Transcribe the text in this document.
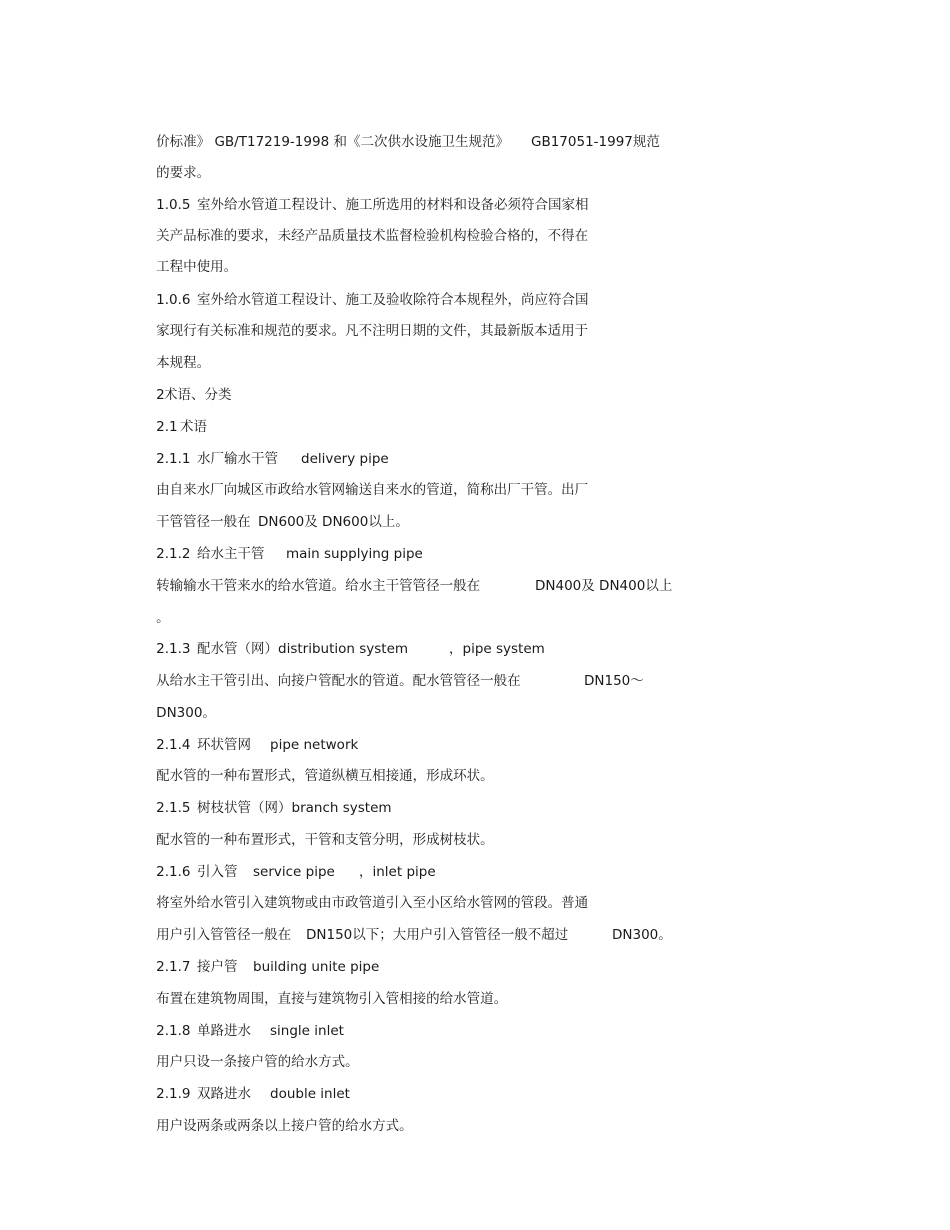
价标准》 GB/T17219-1998 和《二次供水设施卫生规范》 GB17051-1997规范

的要求。

1.0.5 室外给水管道工程设计、施工所选用的材料和设备必须符合国家相

关产品标准的要求，未经产品质量技术监督检验机构检验合格的，不得在

工程中使用。

1.0.6 室外给水管道工程设计、施工及验收除符合本规程外，尚应符合国

家现行有关标准和规范的要求。凡不注明日期的文件，其最新版本适用于

本规程。

2 术语、分类

2.1 术语

2.1.1 水厂输水干管 delivery pipe

由自来水厂向城区市政给水管网输送自来水的管道，简称出厂干管。出厂

干管管径一般在 DN600及 DN600以上。

2.1.2 给水主干管 main supplying pipe

转输输水干管来水的给水管道。给水主干管管径一般在	DN400及 DN400以上

。

2.1.3 配水管（网）distribution system	，pipe system

从给水主干管引出、向接户管配水的管道。配水管管径一般在	DN150～

DN300。

2.1.4 环状管网 pipe network

配水管的一种布置形式，管道纵横互相接通，形成环状。

2.1.5 树枝状管（网）branch system

配水管的一种布置形式，干管和支管分明，形成树枝状。

2.1.6 引入管 service pipe ，inlet pipe

将室外给水管引入建筑物或由市政管道引入至小区给水管网的管段。普通

用户引入管管径一般在 DN150以下；大用户引入管管径一般不超过	DN300。

2.1.7 接户管 building unite pipe

布置在建筑物周围，直接与建筑物引入管相接的给水管道。

2.1.8 单路进水 single inlet

用户只设一条接户管的给水方式。

2.1.9 双路进水 double inlet

用户设两条或两条以上接户管的给水方式。
